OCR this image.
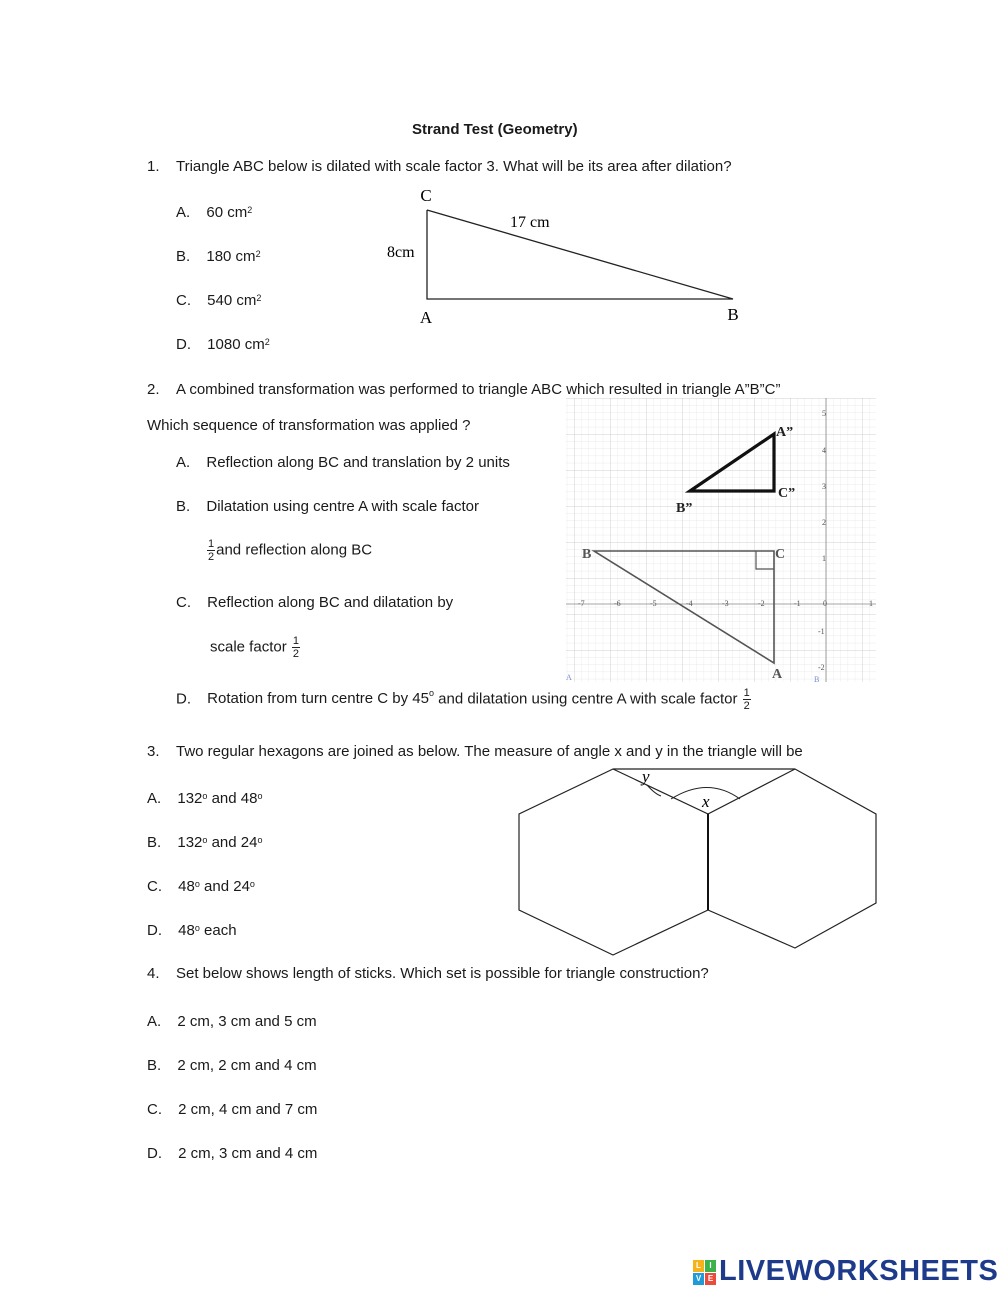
Strand Test (Geometry)
1. Triangle ABC below is dilated with scale factor 3. What will be its area after dilation?
A. 60 $cm^2$
B. 180 $cm^2$
C. 540 $cm^2$
D. 1080 $cm^2$
C
A	B
8cm
17 cm
2. A combined transformation was performed to triangle ABC which resulted in triangle A”B”C”
Which sequence of transformation was applied ?
A. Reflection along BC and translation by 2 units
B. Dilatation using centre A with scale factor
$\frac{1}{2}$ and reflection along BC
C. Reflection along BC and dilatation by
scale factor $\frac{1}{2}$
D. Rotation from turn centre C by 45$^o$ and dilatation using centre A with scale factor $\frac{1}{2}$
-7	-6	-5	-4	-3	-2	-1	0	1
5
4
3
2
1
-1
-2
A”
B”
C”
B	C
A
A	B
3. Two regular hexagons are joined as below. The measure of angle x and y in the triangle will be
A. 132$^o$ and 48$^o$
B. 132$^o$ and 24$^o$
C. 48$^o$ and 24$^o$
D. 48$^o$ each
y
x
4. Set below shows length of sticks. Which set is possible for triangle construction?
A. 2 cm, 3 cm and 5 cm
B. 2 cm, 2 cm and 4 cm
C. 2 cm, 4 cm and 7 cm
D. 2 cm, 3 cm and 4 cm
L	I
V E LIVEWORKSHEETS
